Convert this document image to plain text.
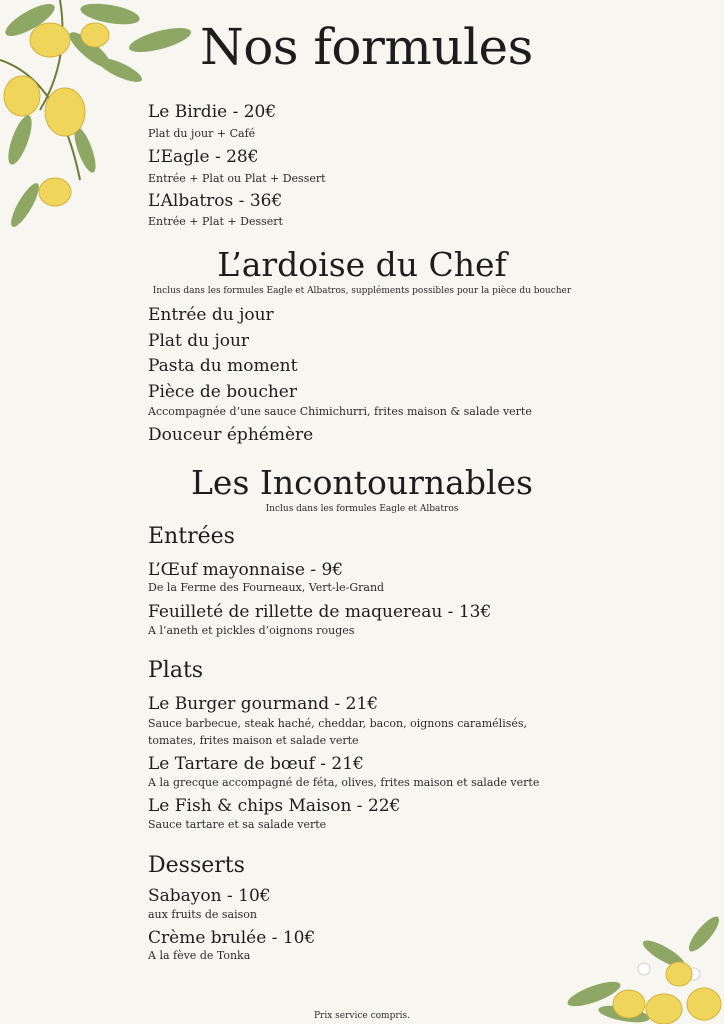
Nos formules
Le Birdie - 20€
Plat du jour + Café
L’Eagle - 28€
Entrée + Plat ou Plat + Dessert
L’Albatros - 36€
Entrée + Plat + Dessert
L’ardoise du Chef
Inclus dans les formules Eagle et Albatros, suppléments possibles pour la pièce du boucher
Entrée du jour
Plat du jour
Pasta du moment
Pièce de boucher
Accompagnée d’une sauce Chimichurri, frites maison & salade verte
Douceur éphémère
Les Incontournables
Inclus dans les formules Eagle et Albatros
Entrées
L’Œuf mayonnaise - 9€
De la Ferme des Fourneaux, Vert-le-Grand
Feuilleté de rillette de maquereau - 13€
A l’aneth et pickles d’oignons rouges
Plats
Le Burger gourmand - 21€
Sauce barbecue, steak haché, cheddar, bacon, oignons caramélisés, tomates, frites maison et salade verte
Le Tartare de bœuf - 21€
A la grecque accompagné de féta, olives, frites maison et salade verte
Le Fish & chips Maison - 22€
Sauce tartare et sa salade verte
Desserts
Sabayon - 10€
aux fruits de saison
Crème brulée - 10€
A la fève de Tonka
Prix service compris.
